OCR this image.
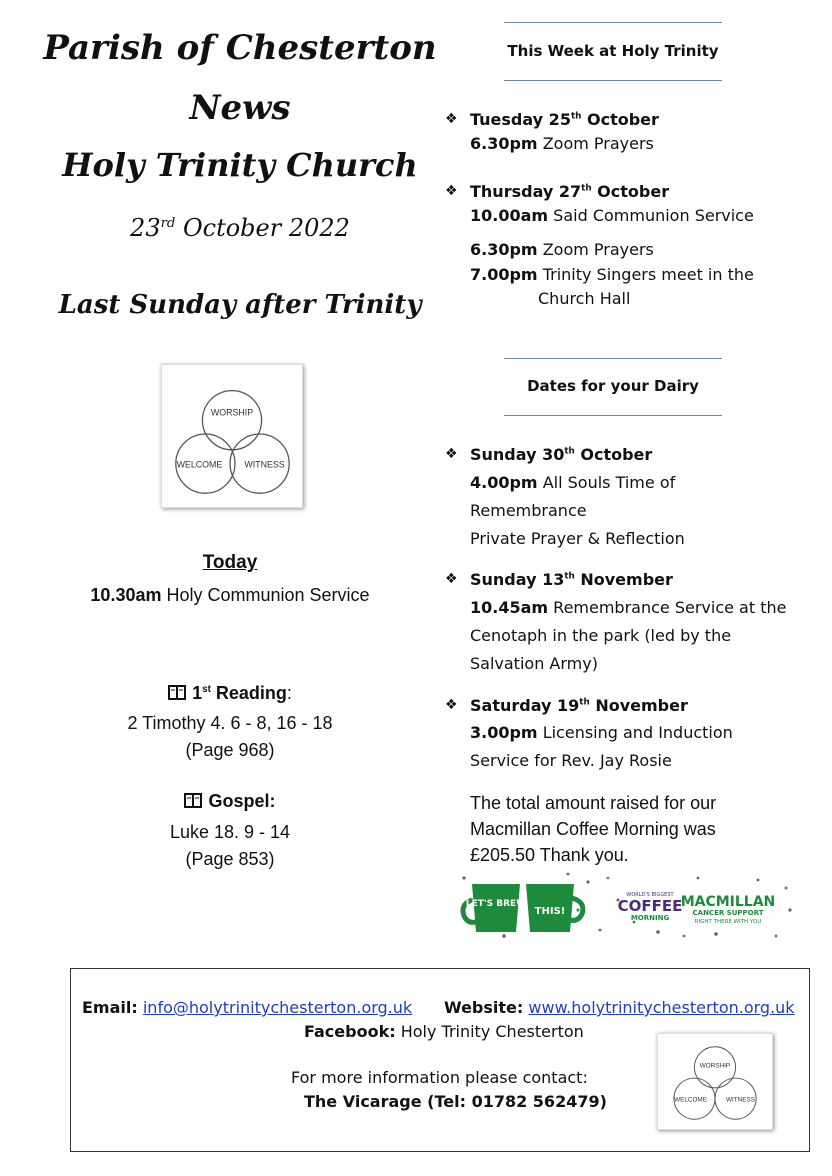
Parish of Chesterton
News
Holy Trinity Church
23rd October 2022
Last Sunday after Trinity
WORSHIP
WELCOME WITNESS
Today
10.30am Holy Communion Service
1st Reading:
2 Timothy 4. 6 - 8, 16 - 18
(Page 968)
Gospel:
Luke 18. 9 - 14
(Page 853)
This Week at Holy Trinity
❖ Tuesday 25th October
6.30pm Zoom Prayers
❖ Thursday 27th October
10.00am Said Communion Service
6.30pm Zoom Prayers
7.00pm Trinity Singers meet in the
Church Hall
Dates for your Dairy
❖ Sunday 30th October
4.00pm All Souls Time of
Remembrance
Private Prayer & Reflection
❖ Sunday 13th November
10.45am Remembrance Service at the
Cenotaph in the park (led by the
Salvation Army)
❖ Saturday 19th November
3.00pm Licensing and Induction
Service for Rev. Jay Rosie
The total amount raised for our
Macmillan Coffee Morning was
£205.50 Thank you.
LET'S BREW
THIS!
WORLD'S BIGGEST
COFFEE
MORNING
MACMILLAN
CANCER SUPPORT
RIGHT THERE WITH YOU
Email: info@holytrinitychesterton.org.uk Website: www.holytrinitychesterton.org.uk
Facebook: Holy Trinity Chesterton
For more information please contact:
The Vicarage (Tel: 01782 562479)
WORSHIP
WELCOME	WITNESS
